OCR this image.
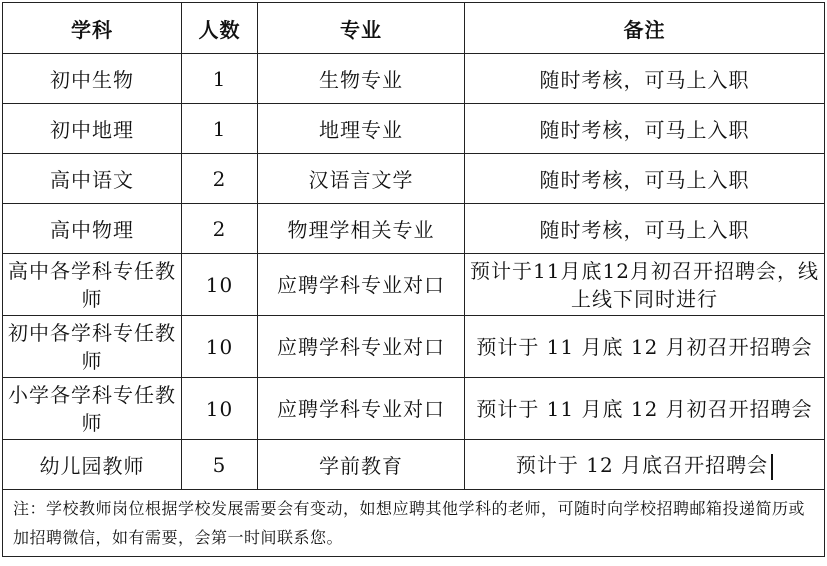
学科	人数	专业	备注
初中生物	1	生物专业	随时考核，可马上入职
初中地理	1	地理专业	随时考核，可马上入职
高中语文	2	汉语言文学	随时考核，可马上入职
高中物理	2	物理学相关专业	随时考核，可马上入职
高中各学科专任教师	10	应聘学科专业对口	预计于11月底12月初召开招聘会，线上线下同时进行
初中各学科专任教师	10	应聘学科专业对口	预计于 11 月底 12 月初召开招聘会
小学各学科专任教师	10	应聘学科专业对口	预计于 11 月底 12 月初召开招聘会
幼儿园教师	5	学前教育	预计于 12 月底召开招聘会
注：学校教师岗位根据学校发展需要会有变动，如想应聘其他学科的老师，可随时向学校招聘邮箱投递简历或加招聘微信，如有需要，会第一时间联系您。			
